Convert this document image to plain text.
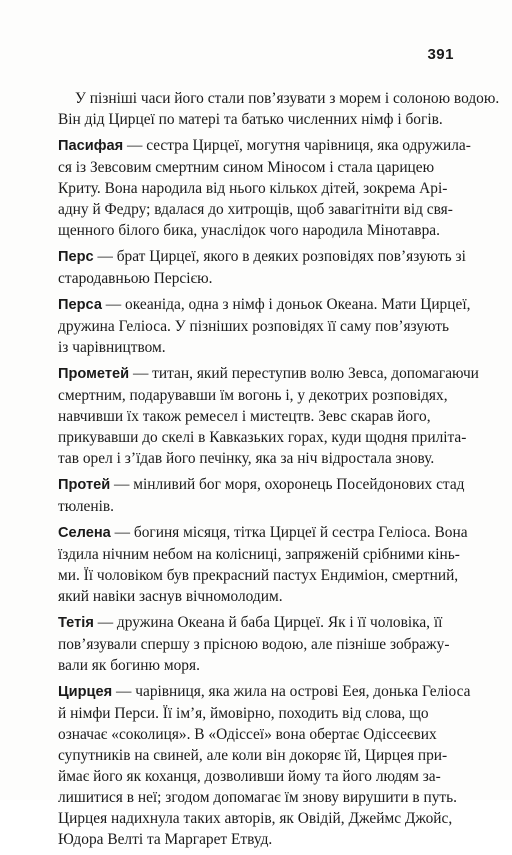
391
У пізніші часи його стали пов’язувати з морем і солоною водою.
Він дід Цирцеї по матері та батько численних німф і богів.
Пасифая — сестра Цирцеї, могутня чарівниця, яка одружила-
ся із Зевсовим смертним сином Міносом і стала царицею
Криту. Вона народила від нього кількох дітей, зокрема Арі-
адну й Федру; вдалася до хитрощів, щоб завагітніти від свя-
щенного білого бика, унаслідок чого народила Мінотавра.
Перс — брат Цирцеї, якого в деяких розповідях пов’язують зі
стародавньою Персією.
Перса — океаніда, одна з німф і доньок Океана. Мати Цирцеї,
дружина Геліоса. У пізніших розповідях її саму пов’язують
із чарівництвом.
Прометей — титан, який переступив волю Зевса, допомагаючи
смертним, подарувавши їм вогонь і, у декотрих розповідях,
навчивши їх також ремесел і мистецтв. Зевс скарав його,
прикувавши до скелі в Кавказьких горах, куди щодня приліта-
тав орел і з’їдав його печінку, яка за ніч відростала знову.
Протей — мінливий бог моря, охоронець Посейдонових стад
тюленів.
Селена — богиня місяця, тітка Цирцеї й сестра Геліоса. Вона
їздила нічним небом на колісниці, запряженій срібними кінь-
ми. Її чоловіком був прекрасний пастух Ендиміон, смертний,
який навіки заснув вічномолодим.
Тетія — дружина Океана й баба Цирцеї. Як і її чоловіка, її
пов’язували спершу з прісною водою, але пізніше зображу-
вали як богиню моря.
Цирцея — чарівниця, яка жила на острові Еея, донька Геліоса
й німфи Перси. Її ім’я, ймовірно, походить від слова, що
означає «соколиця». В «Одіссеї» вона обертає Одіссеєвих
супутників на свиней, але коли він докоряє їй, Цирцея при-
ймає його як коханця, дозволивши йому та його людям за-
лишитися в неї; згодом допомагає їм знову вирушити в путь.
Цирцея надихнула таких авторів, як Овідій, Джеймс Джойс,
Юдора Велті та Маргарет Етвуд.
